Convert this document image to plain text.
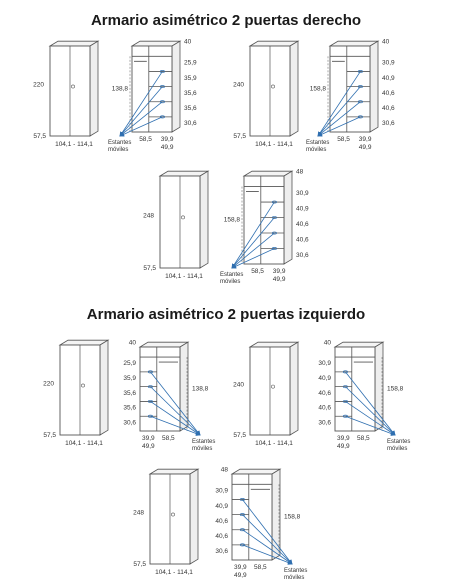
Armario asimétrico 2 puertas derecho
Armario asimétrico 2 puertas izquierdo
220
57,5
104,1 - 114,1
40
25,9
35,9
35,6
35,6
30,6
138,8
Estantes
móviles
58,5 39,9
49,9
240
57,5
104,1 - 114,1
40
30,9
40,9
40,6
40,6
30,6
158,8
Estantes
móviles
58,5 39,9
49,9
248
57,5
104,1 - 114,1
48
30,9
40,9
40,6
40,6
30,6
158,8
Estantes
móviles
58,5 39,9
49,9
220
57,5
104,1 - 114,1
40
25,9
35,9
35,6
35,6
30,6
138,8
Estantes
móviles
58,5
39,9
49,9
240
57,5
104,1 - 114,1
40
30,9
40,9
40,6
40,6
30,6
158,8
Estantes
móviles
58,5
39,9
49,9
248
57,5
104,1 - 114,1
48
30,9
40,9
40,6
40,6
30,6
158,8
Estantes
móviles
58,5
39,9
49,9
